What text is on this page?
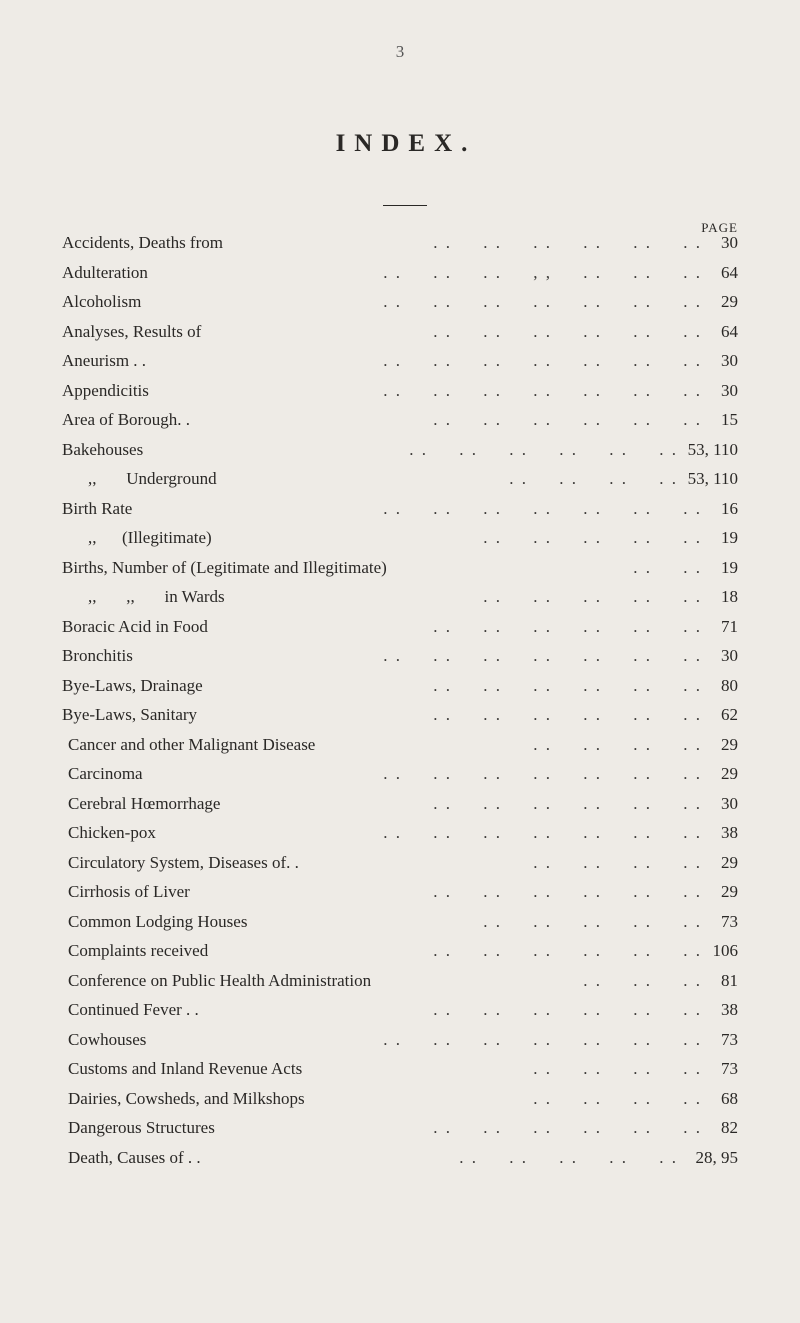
3
INDEX.
PAGE
Accidents, Deaths from	. .     . .     . .     . .     . .     . .	30
Adulteration	. .     . .     . .     , ,     . .     . .     . .	64
Alcoholism	. .     . .     . .     . .     . .     . .     . .	29
Analyses, Results of	. .     . .     . .     . .     . .     . .	64
Aneurism . .	. .     . .     . .     . .     . .     . .     . .	30
Appendicitis	. .     . .     . .     . .     . .     . .     . .	30
Area of Borough. .	. .     . .     . .     . .     . .     . .	15
Bakehouses	. .     . .     . .     . .     . .     . . 53, 110
,,       Underground	. .     . .     . .     . . 53, 110
Birth Rate	. .     . .     . .     . .     . .     . .     . .	16
,,      (Illegitimate)	. .     . .     . .     . .     . .	19
Births, Number of (Legitimate and Illegitimate)	. .     . .	19
,,       ,,       in Wards	. .     . .     . .     . .     . .	18
Boracic Acid in Food	. .     . .     . .     . .     . .     . .	71
Bronchitis	. .     . .     . .     . .     . .     . .     . .	30
Bye-Laws, Drainage	. .     . .     . .     . .     . .     . .	80
Bye-Laws, Sanitary	. .     . .     . .     . .     . .     . .	62
Cancer and other Malignant Disease	. .     . .     . .     . .	29
Carcinoma	. .     . .     . .     . .     . .     . .     . .	29
Cerebral Hœmorrhage	. .     . .     . .     . .     . .     . .	30
Chicken-pox	. .     . .     . .     . .     . .     . .     . .	38
Circulatory System, Diseases of. .	. .     . .     . .     . .	29
Cirrhosis of Liver	. .     . .     . .     . .     . .     . .	29
Common Lodging Houses	. .     . .     . .     . .     . .	73
Complaints received	. .     . .     . .     . .     . .     . . 106
Conference on Public Health Administration	. .     . .     . .	81
Continued Fever . .	. .     . .     . .     . .     . .     . .	38
Cowhouses	. .     . .     . .     . .     . .     . .     . .	73
Customs and Inland Revenue Acts	. .     . .     . .     . .	73
Dairies, Cowsheds, and Milkshops	. .     . .     . .     . .	68
Dangerous Structures	. .     . .     . .     . .     . .     . .	82
Death, Causes of . .	. .     . .     . .     . .     . .	28, 95
